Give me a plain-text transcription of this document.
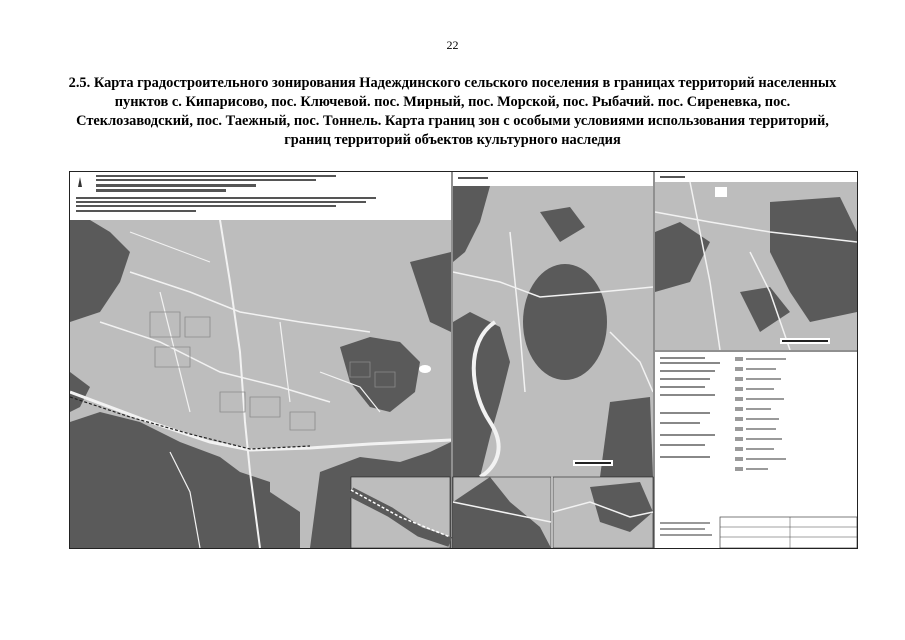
22
2.5. Карта градостроительного зонирования Надеждинского сельского поселения в границах территорий населенных пунктов с. Кипарисово, пос. Ключевой. пос. Мирный, пос. Морской, пос. Рыбачий. пос. Сиреневка, пос. Стеклозаводский, пос. Таежный, пос. Тоннель. Карта границ зон с особыми условиями использования территорий, границ территорий объектов культурного наследия
